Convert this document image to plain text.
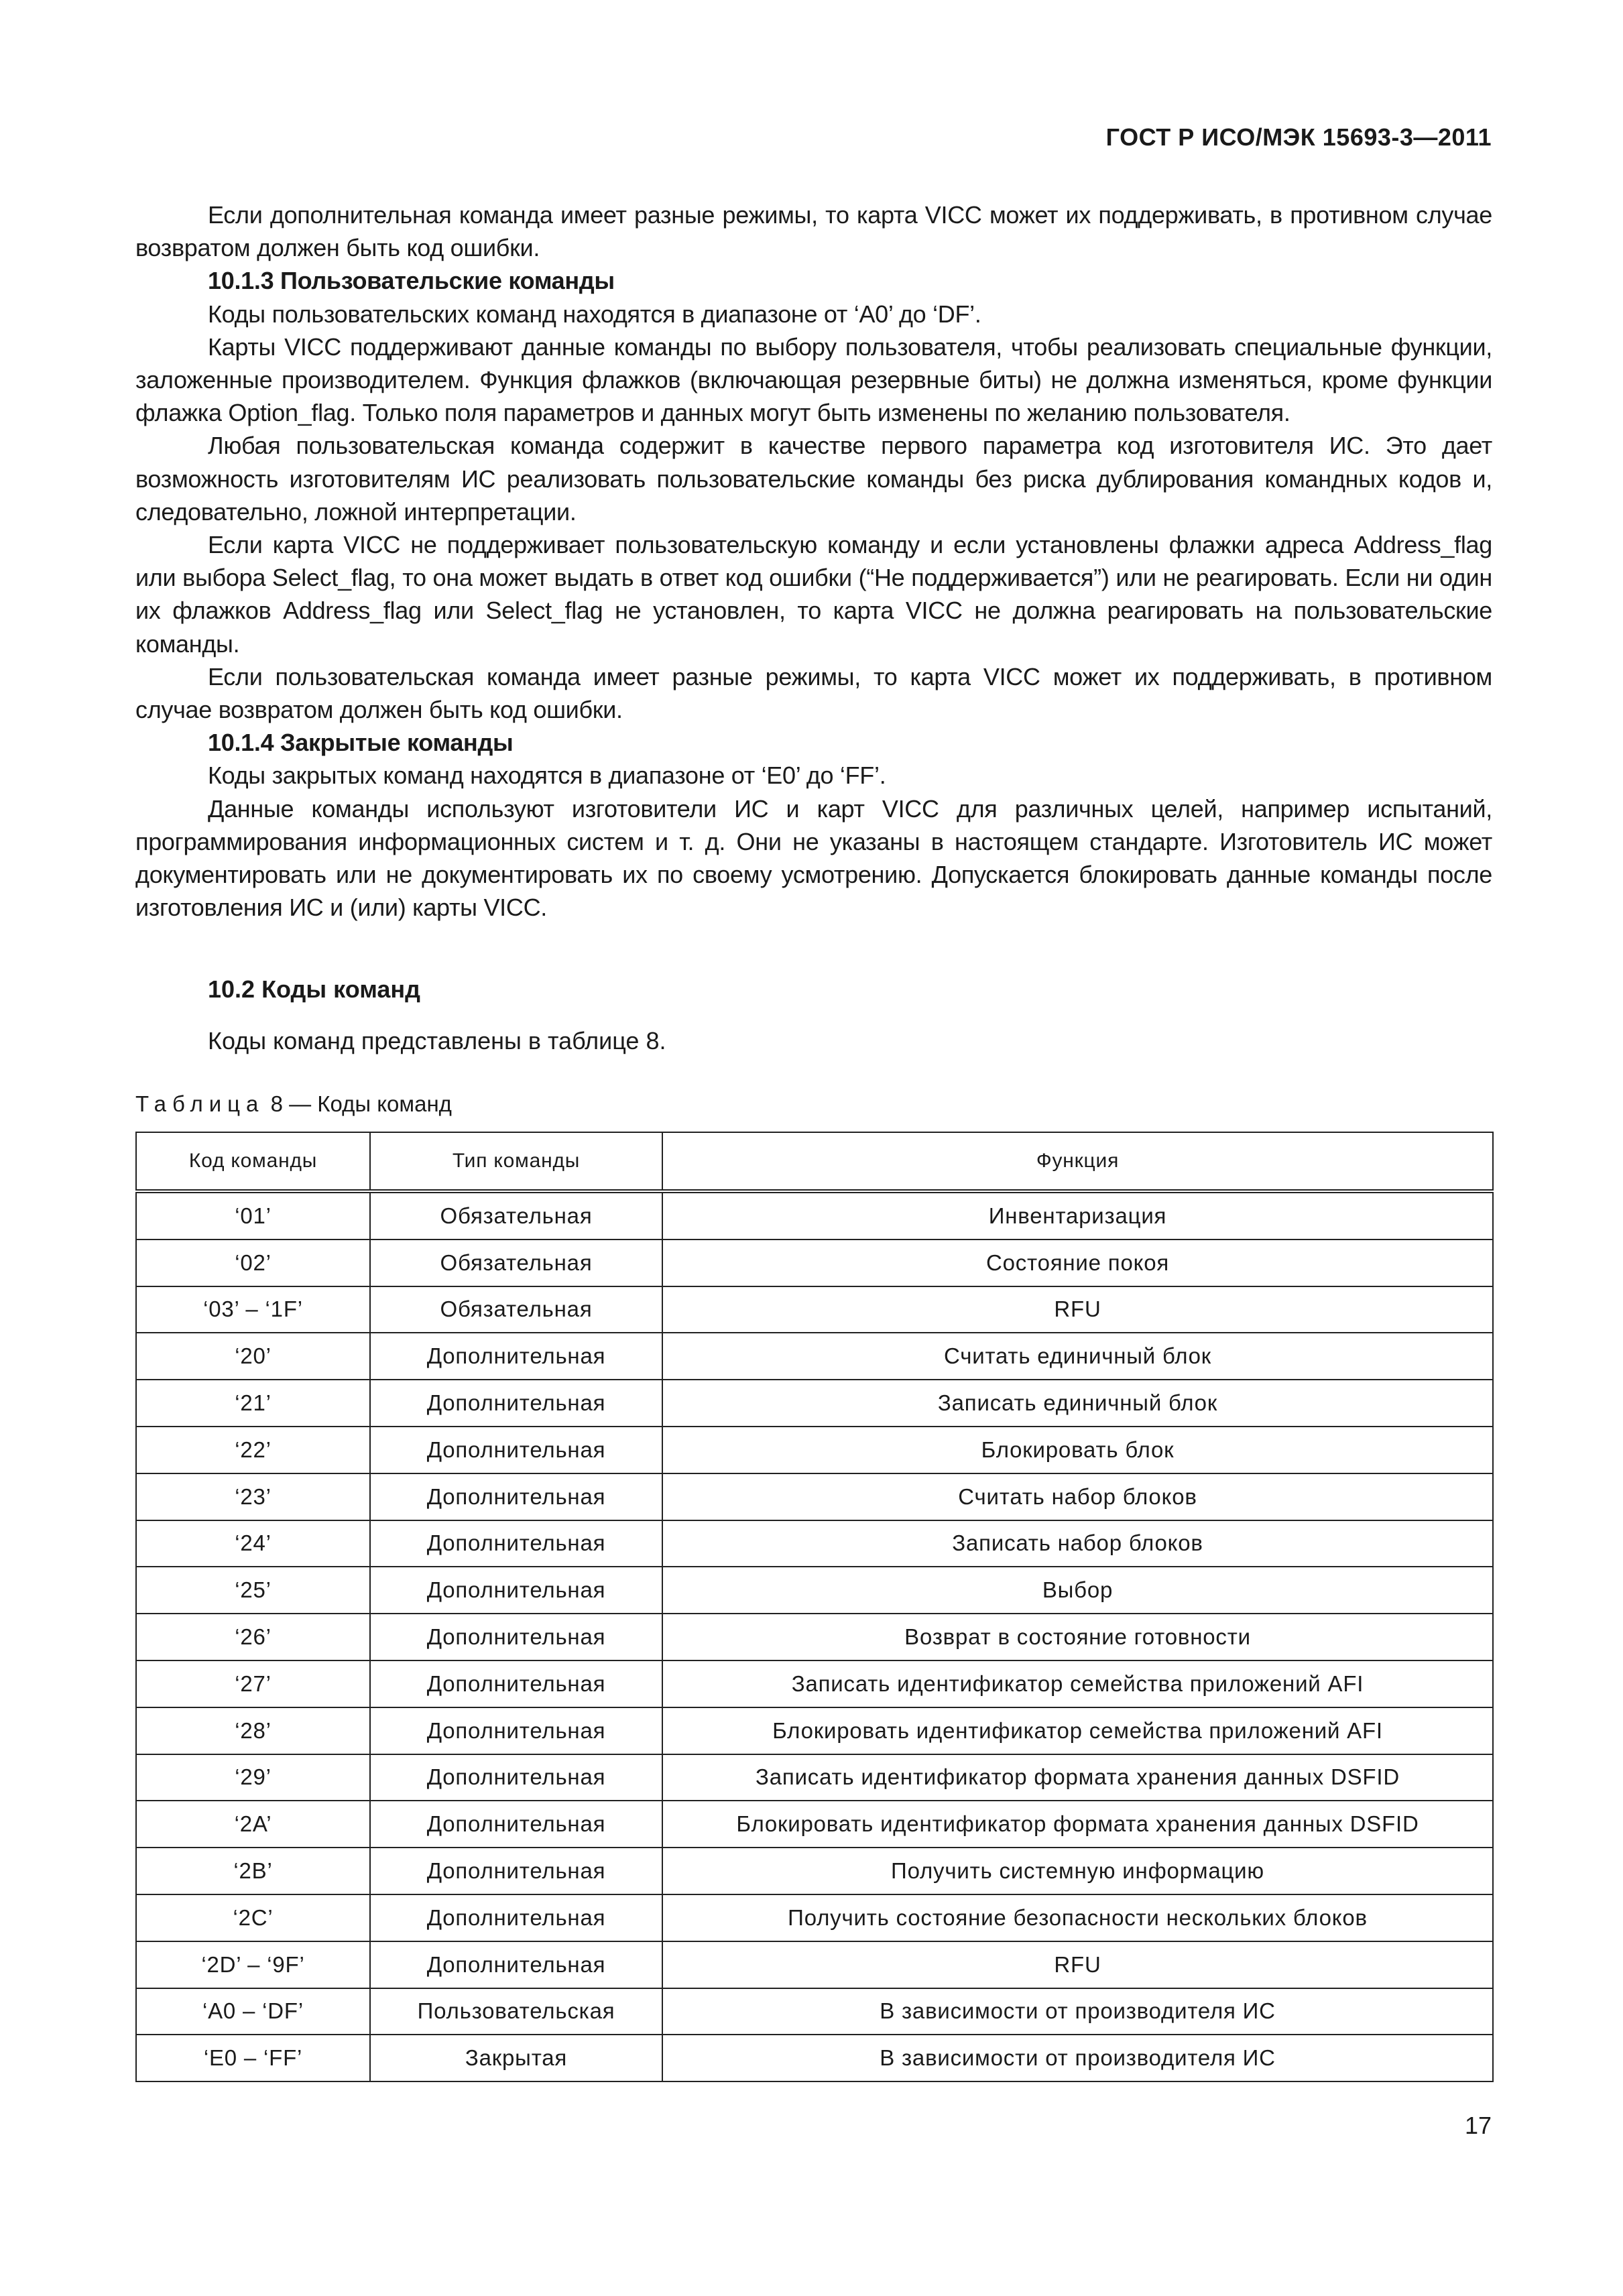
ГОСТ Р ИСО/МЭК 15693-3—2011

Если дополнительная команда имеет разные режимы, то карта VICC может их поддерживать, в противном случае возвратом должен быть код ошибки.

10.1.3 Пользовательские команды

Коды пользовательских команд находятся в диапазоне от ‘A0’ до ‘DF’.

Карты VICC поддерживают данные команды по выбору пользователя, чтобы реализовать специальные функции, заложенные производителем. Функция флажков (включающая резервные биты) не должна изменяться, кроме функции флажка Option_flag. Только поля параметров и данных могут быть изменены по желанию пользователя.

Любая пользовательская команда содержит в качестве первого параметра код изготовителя ИС. Это дает возможность изготовителям ИС реализовать пользовательские команды без риска дублирования командных кодов и, следовательно, ложной интерпретации.

Если карта VICC не поддерживает пользовательскую команду и если установлены флажки адреса Address_flag или выбора Select_flag, то она может выдать в ответ код ошибки (“Не поддерживается”) или не реагировать. Если ни один их флажков Address_flag или Select_flag не установлен, то карта VICC не должна реагировать на пользовательские команды.

Если пользовательская команда имеет разные режимы, то карта VICC может их поддерживать, в противном случае возвратом должен быть код ошибки.

10.1.4 Закрытые команды

Коды закрытых команд находятся в диапазоне от ‘E0’ до ‘FF’.

Данные команды используют изготовители ИС и карт VICC для различных целей, например испытаний, программирования информационных систем и т. д. Они не указаны в настоящем стандарте. Изготовитель ИС может документировать или не документировать их по своему усмотрению. Допускается блокировать данные команды после изготовления ИС и (или) карты VICC.

10.2 Коды команд
Коды команд представлены в таблице 8.
Таблица 8 — Коды команд
Код команды	Тип команды	Функция
‘01’	Обязательная	Инвентаризация
‘02’	Обязательная	Состояние покоя
‘03’ – ‘1F’	Обязательная	RFU
‘20’	Дополнительная	Считать единичный блок
‘21’	Дополнительная	Записать единичный блок
‘22’	Дополнительная	Блокировать блок
‘23’	Дополнительная	Считать набор блоков
‘24’	Дополнительная	Записать набор блоков
‘25’	Дополнительная	Выбор
‘26’	Дополнительная	Возврат в состояние готовности
‘27’	Дополнительная	Записать идентификатор семейства приложений AFI
‘28’	Дополнительная	Блокировать идентификатор семейства приложений AFI
‘29’	Дополнительная	Записать идентификатор формата хранения данных DSFID
‘2A’	Дополнительная	Блокировать идентификатор формата хранения данных DSFID
‘2B’	Дополнительная	Получить системную информацию
‘2C’	Дополнительная	Получить состояние безопасности нескольких блоков
‘2D’ – ‘9F’	Дополнительная	RFU
‘A0 – ‘DF’	Пользовательская	В зависимости от производителя ИС
‘E0 – ‘FF’	Закрытая	В зависимости от производителя ИС
17
